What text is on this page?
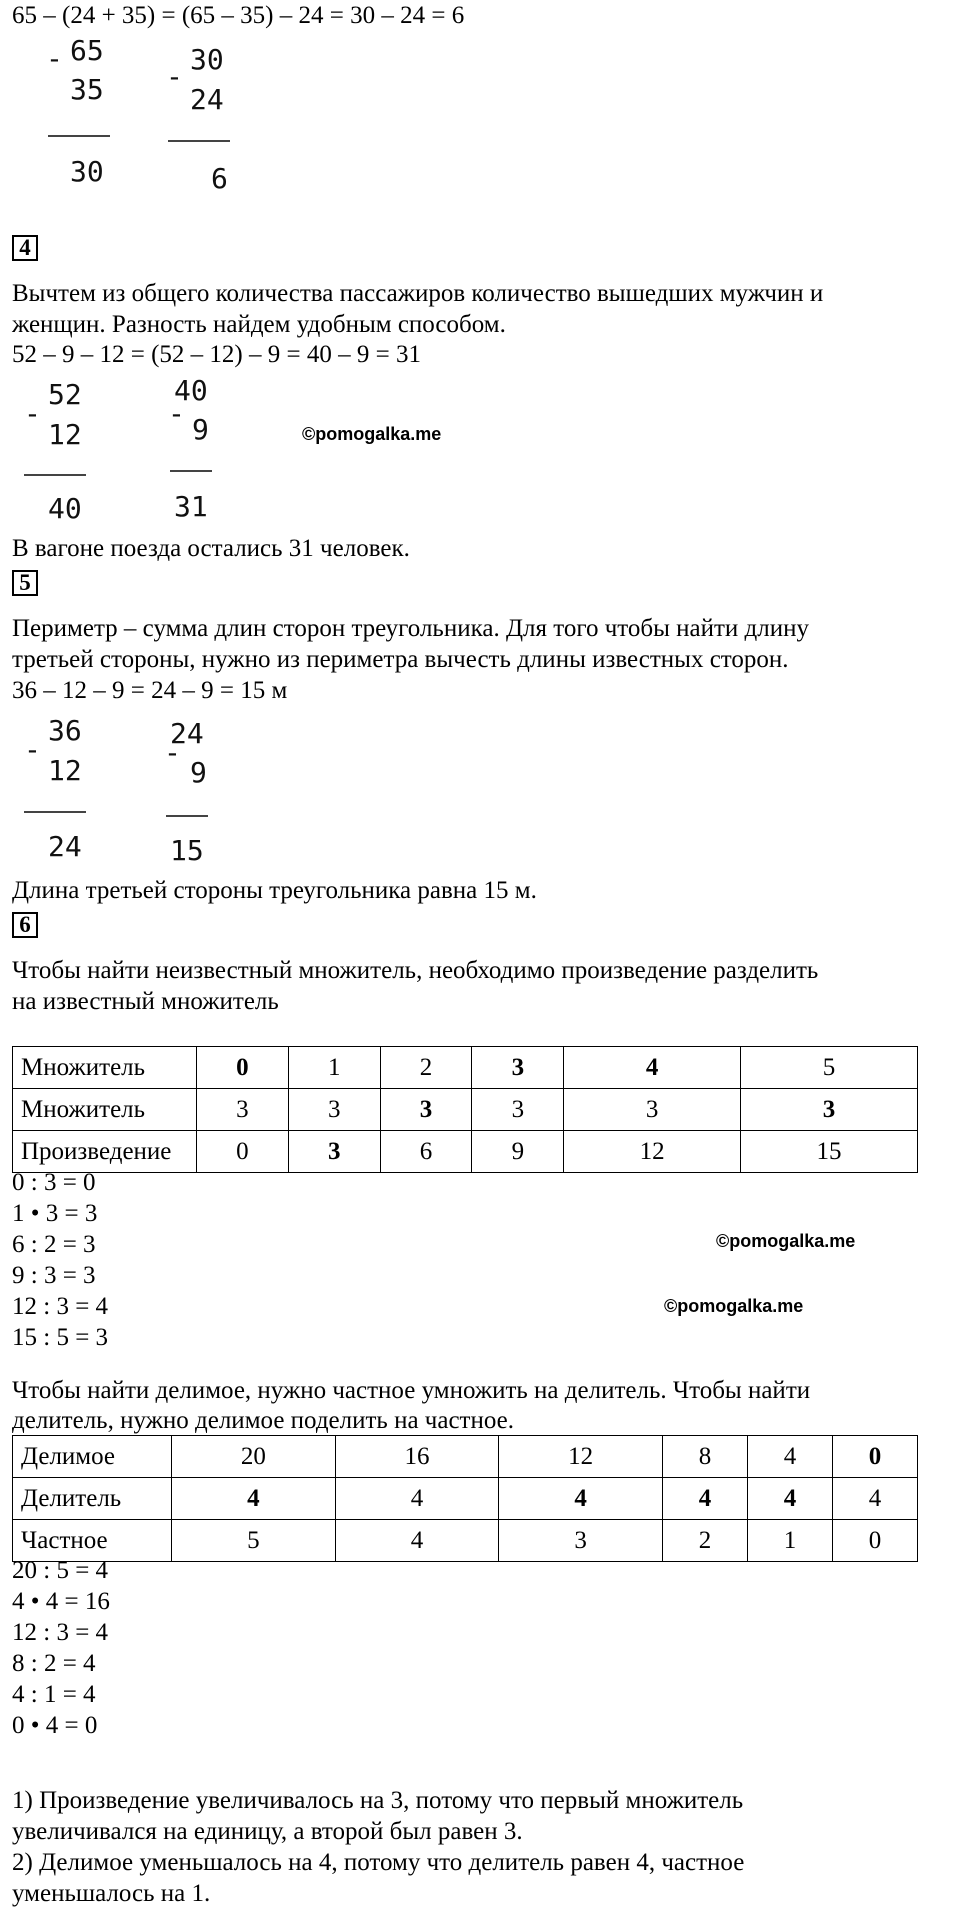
65 – (24 + 35) = (65 – 35) – 24 = 30 – 24 = 6
- 65
35
30
-
30
24
6
4
Вычтем из общего количества пассажиров количество вышедших мужчин и
женщин. Разность найдем удобным способом.
52 – 9 – 12 = (52 – 12) – 9 = 40 – 9 = 31
-
52
12
40
-
40
9
31
©pomogalka.me
В вагоне поезда остались 31 человек.
5
Периметр – сумма длин сторон треугольника. Для того чтобы найти длину
третьей стороны, нужно из периметра вычесть длины известных сторон.
36 – 12 – 9 = 24 – 9 = 15 м
-
36
12
24
-
24
9
15
Длина третьей стороны треугольника равна 15 м.
6
Чтобы найти неизвестный множитель, необходимо произведение разделить
на известный множитель
Множитель	0	1	2	3	4	5
Множитель	3	3	3	3	3	3
Произведение	0	3	6	9	12	15
0 : 3 = 0
1 • 3 = 3
6 : 2 = 3
9 : 3 = 3
12 : 3 = 4
15 : 5 = 3
©pomogalka.me
©pomogalka.me
Чтобы найти делимое, нужно частное умножить на делитель. Чтобы найти
делитель, нужно делимое поделить на частное.
Делимое	20	16	12	8	4	0
Делитель	4	4	4	4	4	4
Частное	5	4	3	2	1	0
20 : 5 = 4
4 • 4 = 16
12 : 3 = 4
8 : 2 = 4
4 : 1 = 4
0 • 4 = 0
1) Произведение увеличивалось на 3, потому что первый множитель
увеличивался на единицу, а второй был равен 3.
2) Делимое уменьшалось на 4, потому что делитель равен 4, частное
уменьшалось на 1.
